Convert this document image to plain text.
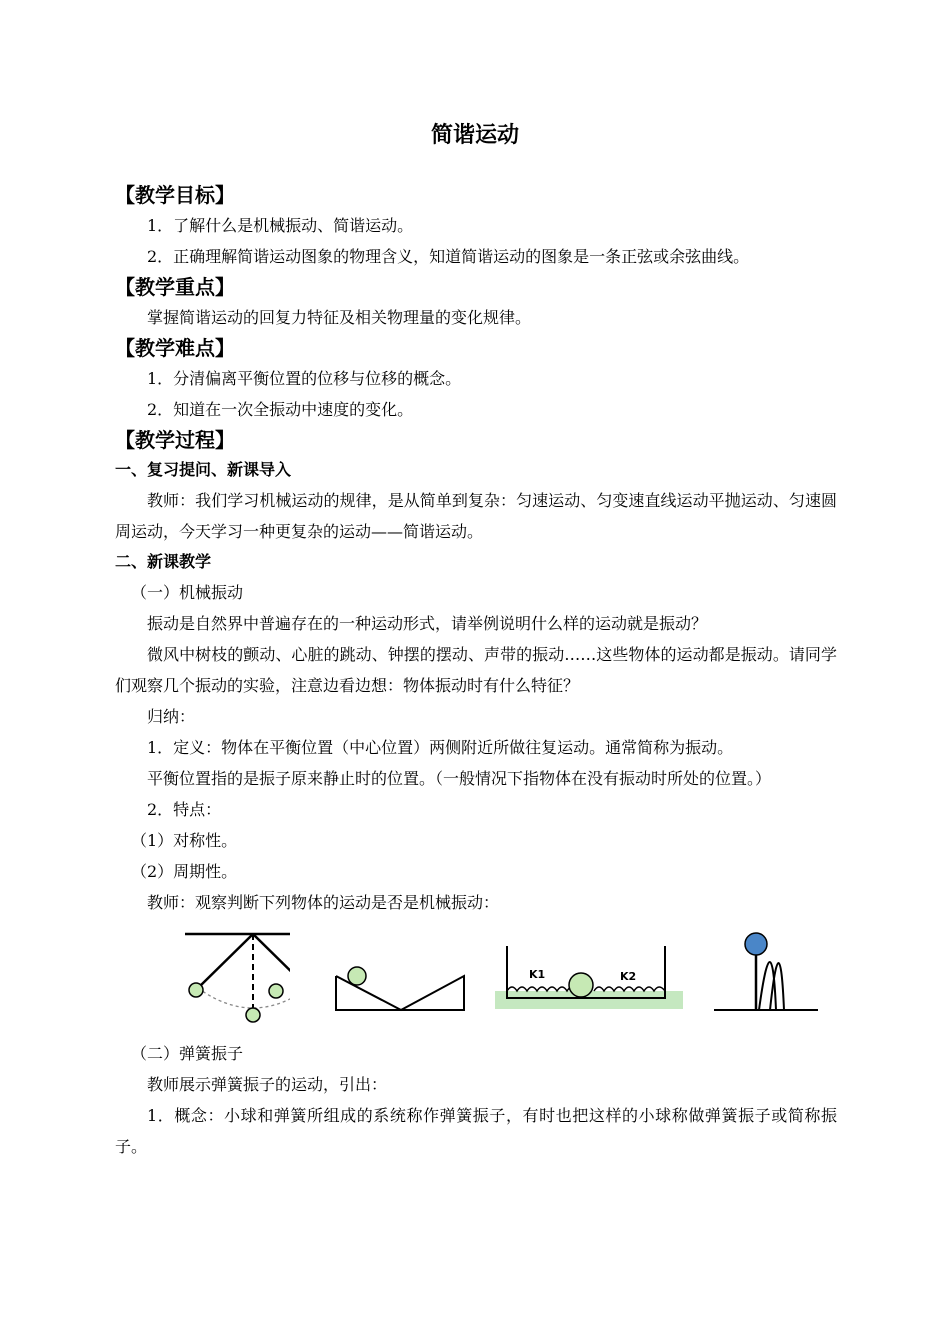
简谐运动
【教学目标】

1．了解什么是机械振动、简谐运动。

2．正确理解简谐运动图象的物理含义，知道简谐运动的图象是一条正弦或余弦曲线。

【教学重点】

掌握简谐运动的回复力特征及相关物理量的变化规律。

【教学难点】

1．分清偏离平衡位置的位移与位移的概念。

2．知道在一次全振动中速度的变化。

【教学过程】
一、复习提问、新课导入

教师：我们学习机械运动的规律，是从简单到复杂：匀速运动、匀变速直线运动平抛运动、匀速圆周运动，今天学习一种更复杂的运动——简谐运动。

二、新课教学

（一）机械振动

振动是自然界中普遍存在的一种运动形式，请举例说明什么样的运动就是振动？

微风中树枝的颤动、心脏的跳动、钟摆的摆动、声带的振动……这些物体的运动都是振动。请同学们观察几个振动的实验，注意边看边想：物体振动时有什么特征？

归纳：

1．定义：物体在平衡位置（中心位置）两侧附近所做往复运动。通常简称为振动。

平衡位置指的是振子原来静止时的位置。（一般情况下指物体在没有振动时所处的位置。）

2．特点：

（1）对称性。

（2）周期性。

教师：观察判断下列物体的运动是否是机械振动：

K1	K2

（二）弹簧振子

教师展示弹簧振子的运动，引出：

1．概念：小球和弹簧所组成的系统称作弹簧振子，有时也把这样的小球称做弹簧振子或简称振子。
